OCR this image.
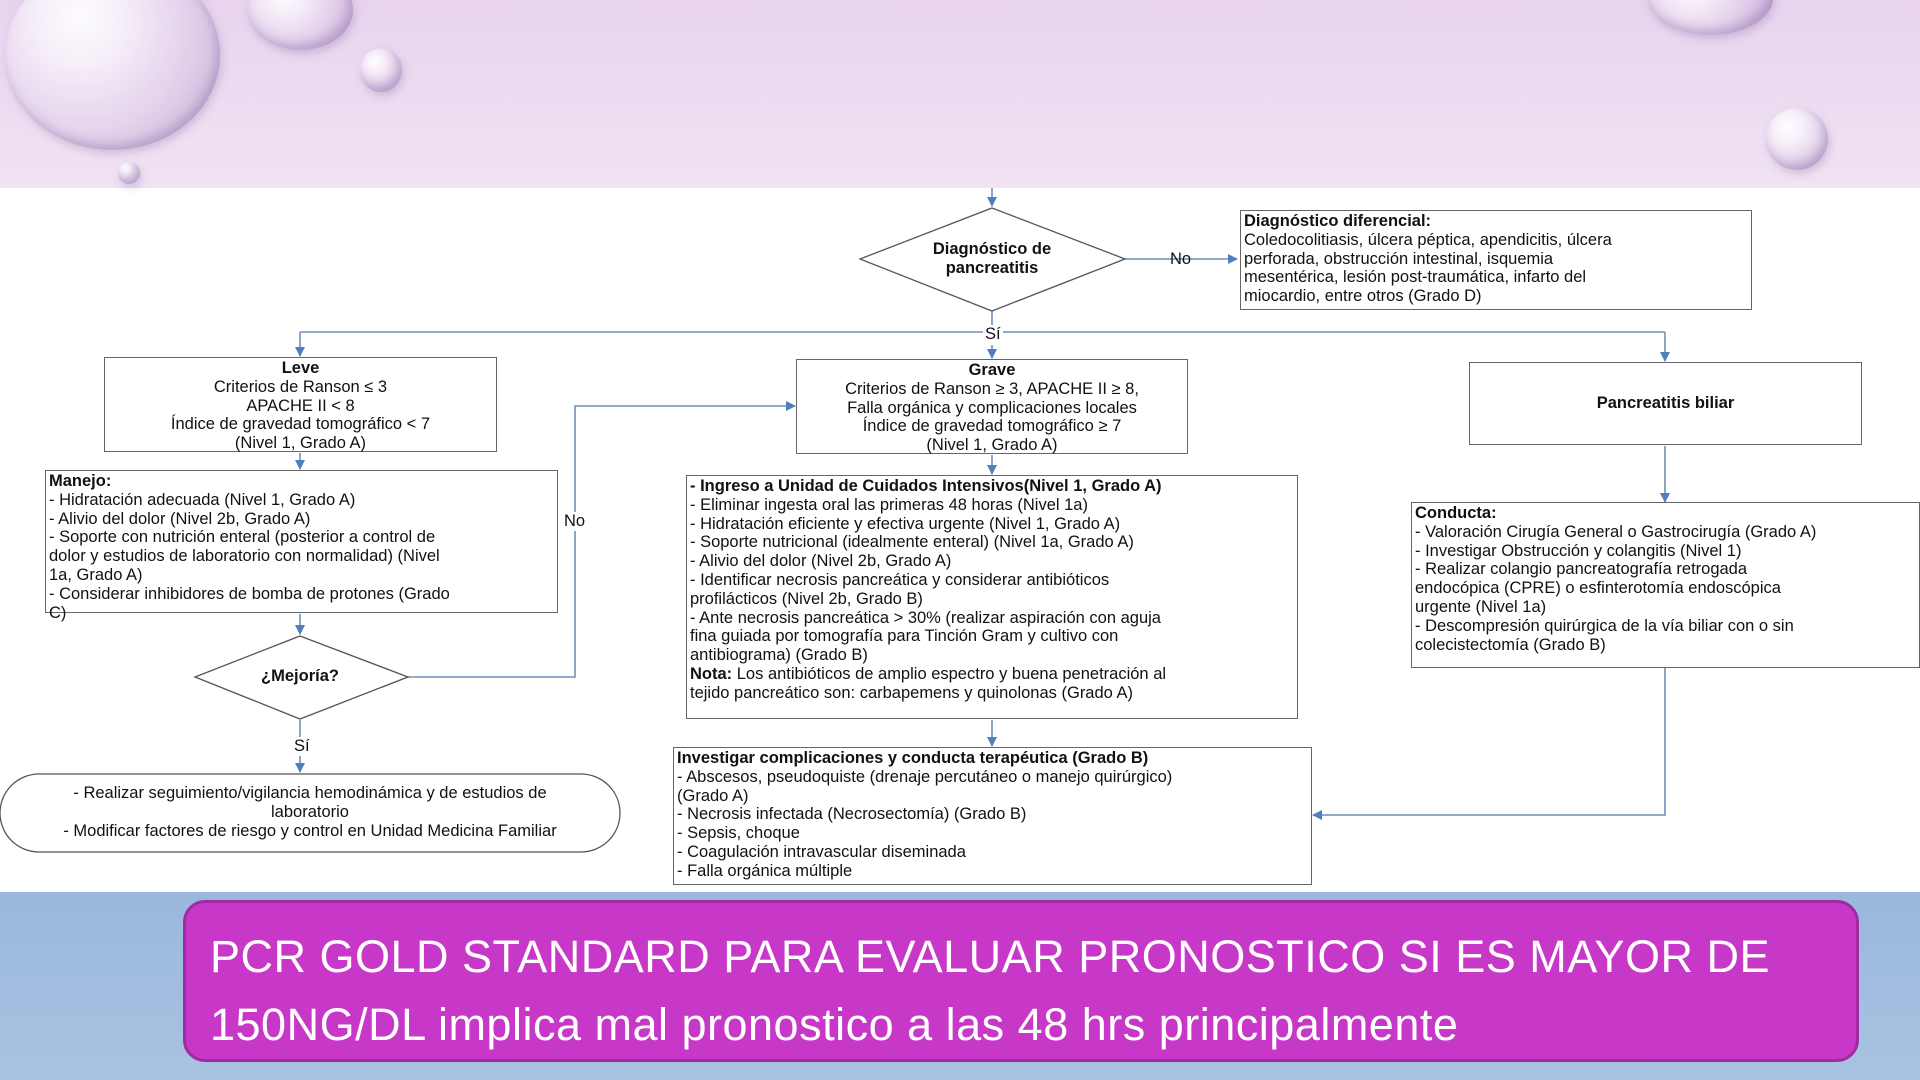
Diagnóstico de
pancreatitis
¿Mejoría?
No
Sí
No
Sí
Diagnóstico diferencial:
Coledocolitiasis, úlcera péptica, apendicitis, úlcera
perforada, obstrucción intestinal, isquemia
mesentérica, lesión post-traumática, infarto del
miocardio, entre otros (Grado D)
Leve
Criterios de Ranson ≤ 3
APACHE II < 8
Índice de gravedad tomográfico < 7
(Nivel 1, Grado A)
Grave
Criterios de Ranson ≥ 3, APACHE II ≥ 8,
Falla orgánica y complicaciones locales
Índice de gravedad tomográfico ≥ 7
(Nivel 1, Grado A)
Pancreatitis biliar
Manejo:
- Hidratación adecuada (Nivel 1, Grado A)
- Alivio del dolor (Nivel 2b, Grado A)
- Soporte con nutrición enteral (posterior a control de
dolor y estudios de laboratorio con normalidad) (Nivel
1a, Grado A)
- Considerar inhibidores de bomba de protones (Grado
C)
- Ingreso a Unidad de Cuidados Intensivos(Nivel 1, Grado A)
- Eliminar ingesta oral las primeras 48 horas (Nivel 1a)
- Hidratación eficiente y efectiva urgente (Nivel 1, Grado A)
- Soporte nutricional (idealmente enteral) (Nivel 1a, Grado A)
- Alivio del dolor (Nivel 2b, Grado A)
- Identificar necrosis pancreática y considerar antibióticos
profilácticos (Nivel 2b, Grado B)
- Ante necrosis pancreática > 30% (realizar aspiración con aguja
fina guiada por tomografía para Tinción Gram y cultivo con
antibiograma) (Grado B)
Nota: Los antibióticos de amplio espectro y buena penetración al
tejido pancreático son: carbapemens y quinolonas (Grado A)
Conducta:
- Valoración Cirugía General o Gastrocirugía (Grado A)
- Investigar Obstrucción y colangitis (Nivel 1)
- Realizar colangio pancreatografía retrogada
endocópica (CPRE) o esfinterotomía endoscópica
urgente (Nivel 1a)
- Descompresión quirúrgica de la vía biliar con o sin
colecistectomía (Grado B)
Investigar complicaciones y conducta terapéutica (Grado B)
- Abscesos, pseudoquiste (drenaje percutáneo o manejo quirúrgico)
(Grado A)
- Necrosis infectada (Necrosectomía) (Grado B)
- Sepsis, choque
- Coagulación intravascular diseminada
- Falla orgánica múltiple
- Realizar seguimiento/vigilancia hemodinámica y de estudios de
laboratorio
- Modificar factores de riesgo y control en Unidad Medicina Familiar
PCR GOLD STANDARD PARA EVALUAR PRONOSTICO SI ES MAYOR DE
150NG/DL implica mal pronostico a las 48 hrs principalmente
